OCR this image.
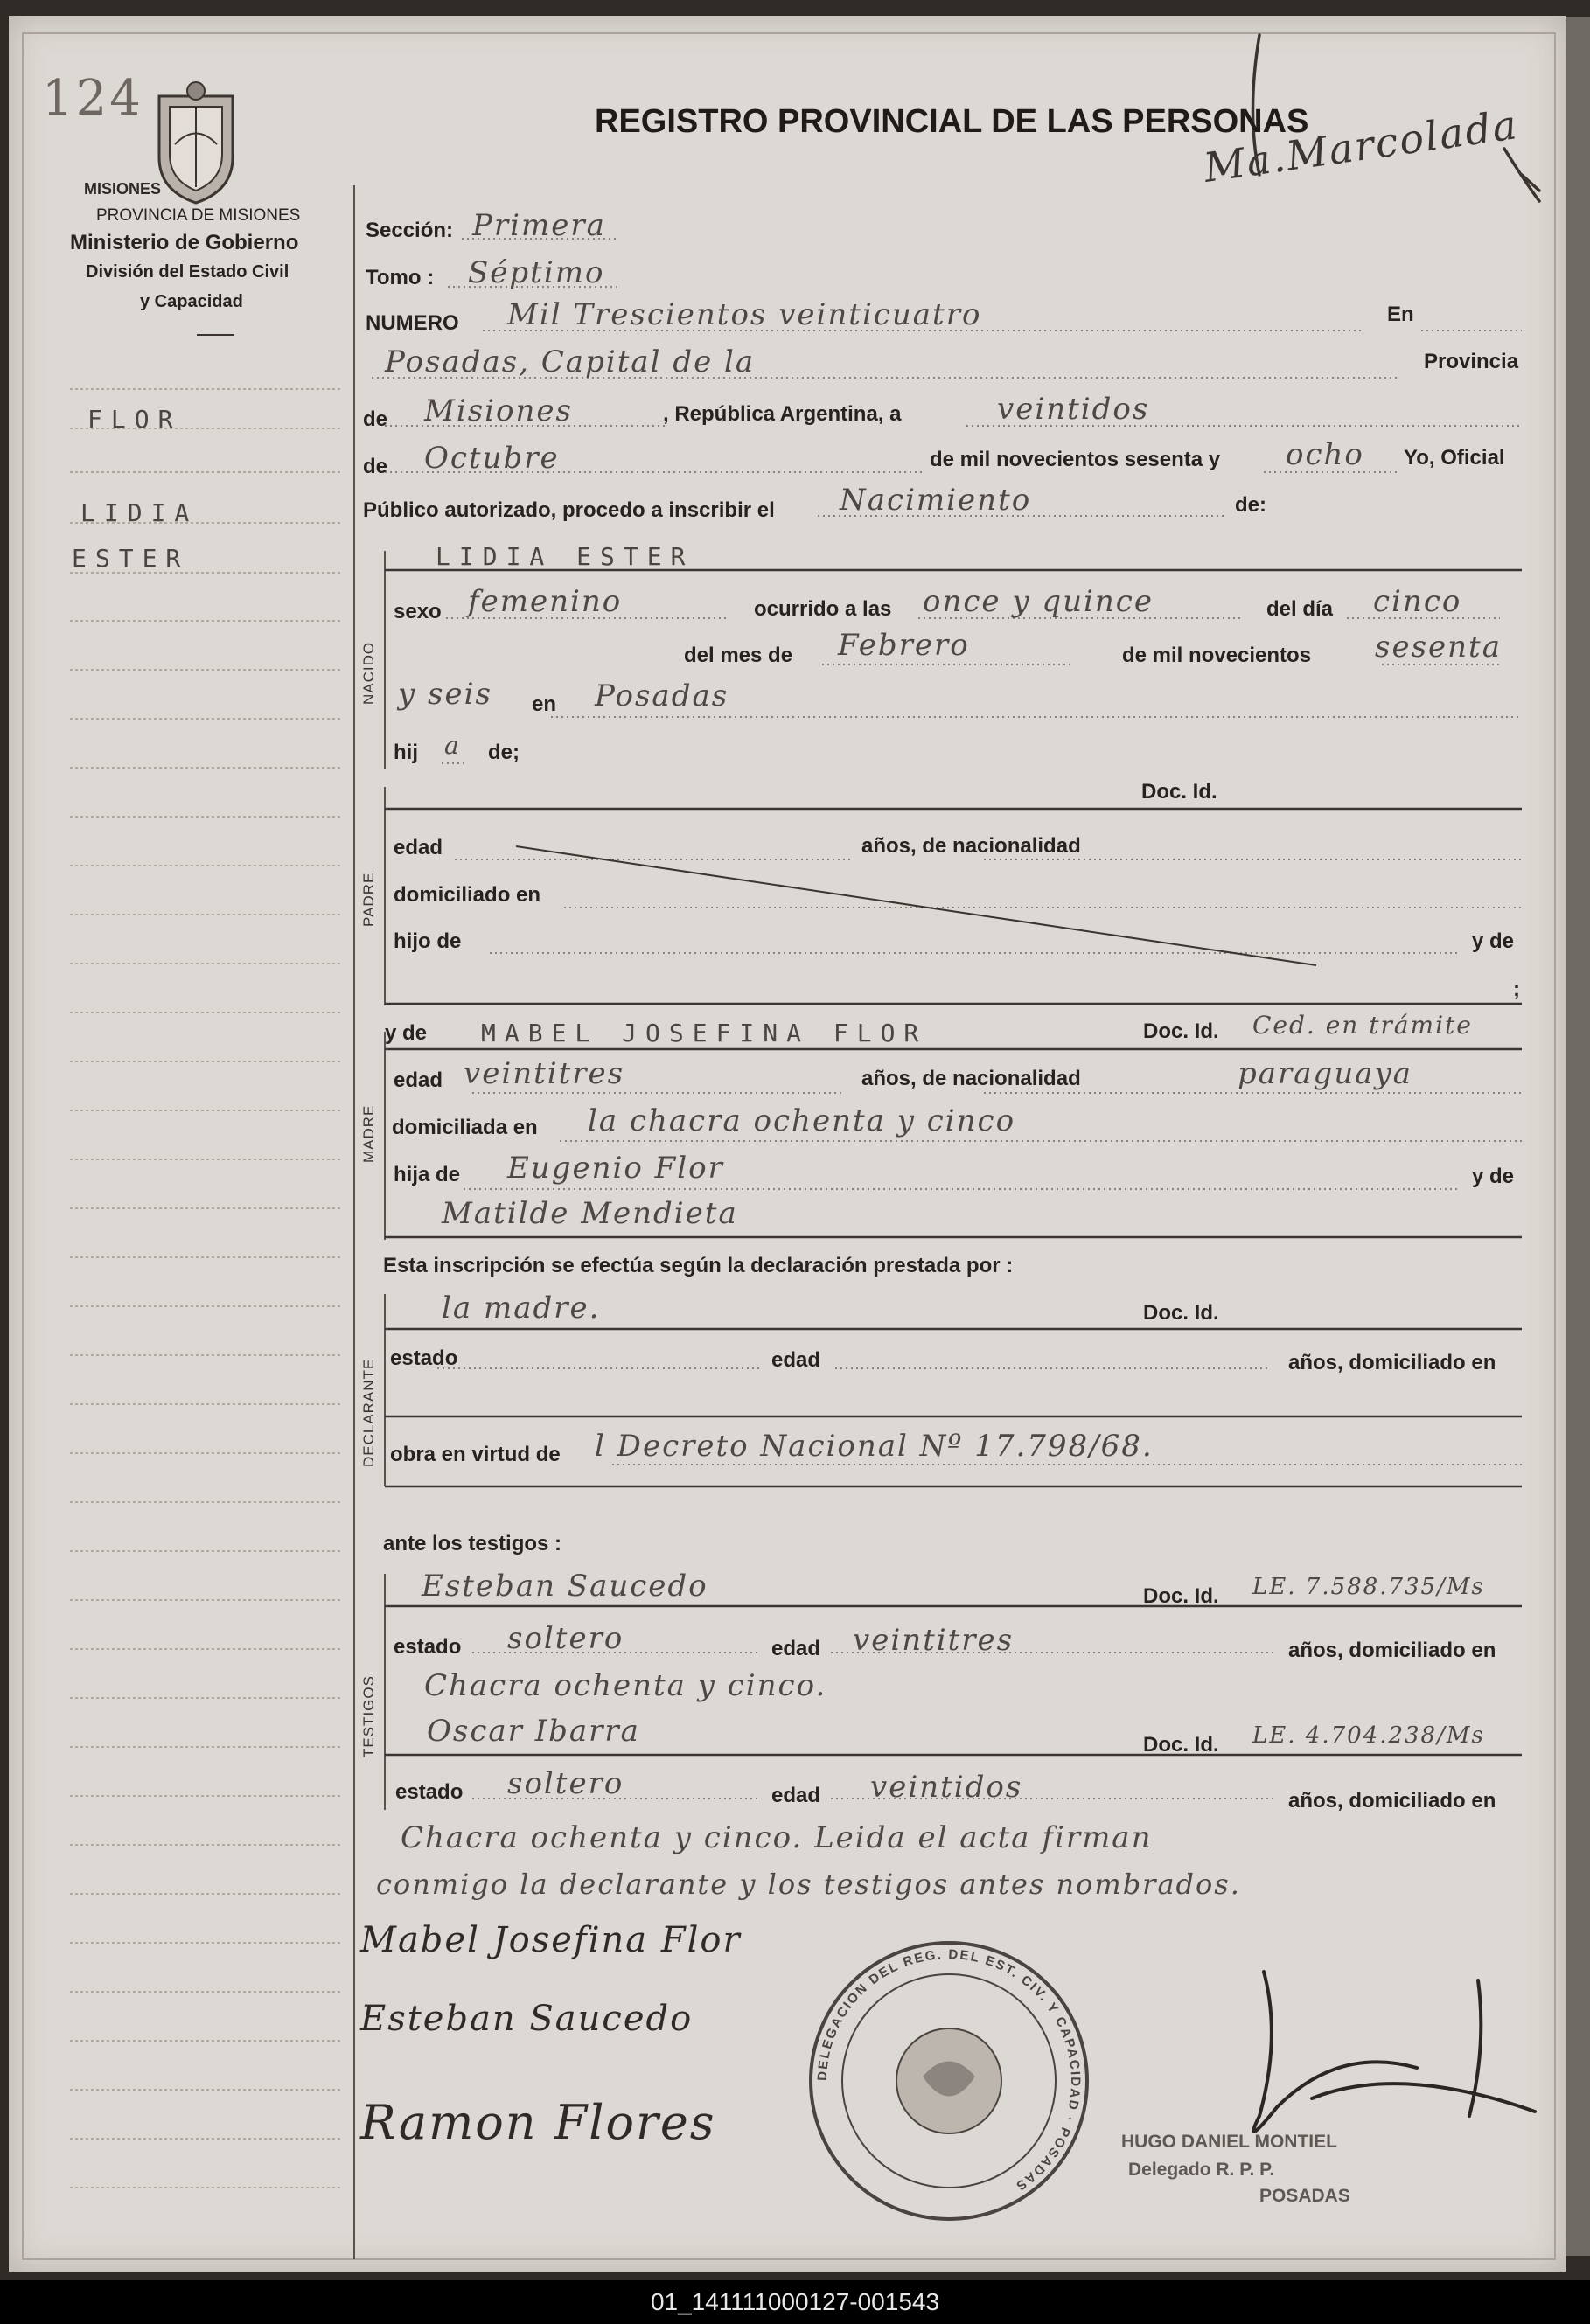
DELEGACION DEL REG. DEL EST. CIV. Y CAPACIDAD · POSADAS
124	REGISTRO PROVINCIAL DE LAS PERSONAS
Ma.Marcolada
MISIONES
PROVINCIA DE MISIONES
Ministerio de Gobierno
División del Estado Civil
y Capacidad
FLOR
LIDIA
ESTER
Sección: Primera
Tomo : Séptimo
NUMERO Mil Trescientos veinticuatro	En
Posadas, Capital de la	Provincia
de Misiones	, República Argentina, a	veintidos
de Octubre	de mil novecientos sesenta y ocho Yo, Oficial
Público autorizado, procedo a inscribir el Nacimiento	de:
NACIDO
LIDIA ESTER
sexo femenino	ocurrido a las once y quince	del día cinco
del mes de Febrero	de mil novecientos sesenta
y seis en Posadas
hij a de;
PADRE
Doc. Id.
edad	años, de nacionalidad
domiciliado en
hijo de	y de
;
MADRE
y de MABEL JOSEFINA FLOR	Doc. Id. Ced. en trámite
edad veintitres	años, de nacionalidad	paraguaya
domiciliada en la chacra ochenta y cinco
hija de Eugenio Flor	y de
Matilde Mendieta
Esta inscripción se efectúa según la declaración prestada por :
DECLARANTE
la madre.	Doc. Id.
estado	edad	años, domiciliado en
obra en virtud de l Decreto Nacional Nº 17.798/68.
ante los testigos :
TESTIGOS
Esteban Saucedo	Doc. Id. LE. 7.588.735/Ms
estado soltero	edad veintitres	años, domiciliado en
Chacra ochenta y cinco.
Oscar Ibarra	Doc. Id. LE. 4.704.238/Ms
estado soltero	edad veintidos	años, domiciliado en
Chacra ochenta y cinco. Leida el acta firman
conmigo la declarante y los testigos antes nombrados.
Mabel Josefina Flor
Esteban Saucedo
Ramon Flores	HUGO DANIEL MONTIEL
Delegado R. P. P.
POSADAS
01_141111000127-001543
